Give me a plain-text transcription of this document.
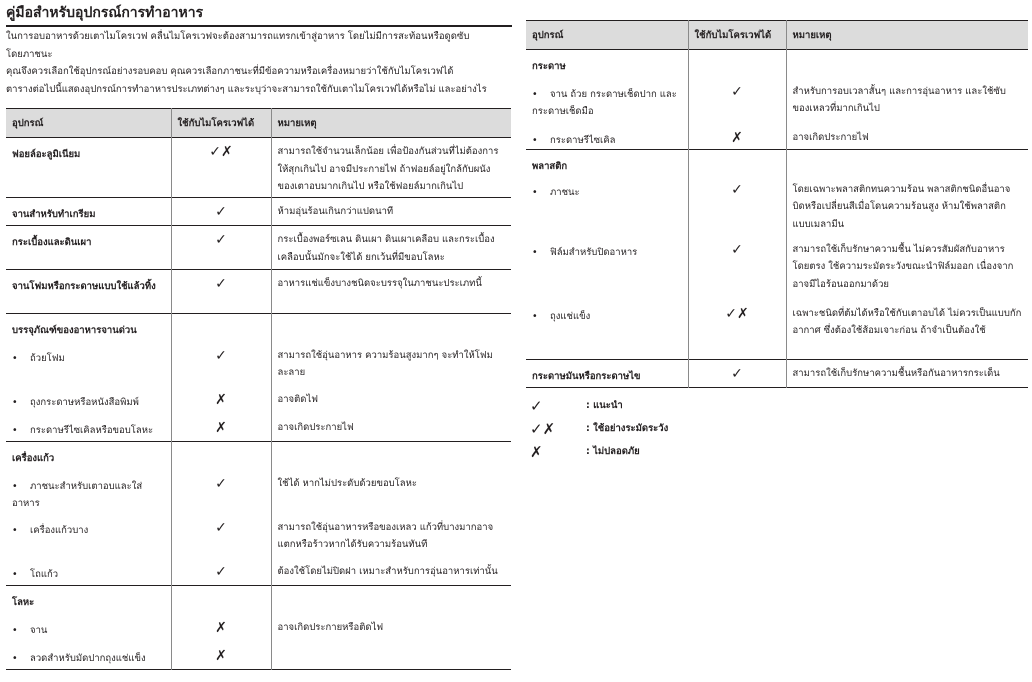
คู่มือสำหรับอุปกรณ์การทำอาหาร
ในการอบอาหารด้วยเตาไมโครเวฟ คลื่นไมโครเวฟจะต้องสามารถแทรกเข้าสู่อาหาร โดยไม่มีการสะท้อนหรือดูดซับ
โดยภาชนะ
คุณจึงควรเลือกใช้อุปกรณ์อย่างรอบคอบ คุณควรเลือกภาชนะที่มีข้อความหรือเครื่องหมายว่าใช้กับไมโครเวฟได้
ตารางต่อไปนี้แสดงอุปกรณ์การทำอาหารประเภทต่างๆ และระบุว่าจะสามารถใช้กับเตาไมโครเวฟได้หรือไม่ และอย่างไร
อุปกรณ์	ใช้กับไมโครเวฟได้	หมายเหตุ
ฟอยล์อะลูมิเนียม	✓✗	สามารถใช้จำนวนเล็กน้อย เพื่อป้องกันส่วนที่ไม่ต้องการให้สุกเกินไป อาจมีประกายไฟ ถ้าฟอยล์อยู่ใกล้กับผนังของเตาอบมากเกินไป หรือใช้ฟอยล์มากเกินไป
จานสำหรับทำเกรียม	✓	ห้ามอุ่นร้อนเกินกว่าแปดนาที
กระเบื้องและดินเผา	✓	กระเบื้องพอร์ซเลน ดินเผา ดินเผาเคลือบ และกระเบื้องเคลือบนั้นมักจะใช้ได้ ยกเว้นที่มีขอบโลหะ
จานโฟมหรือกระดาษแบบใช้แล้วทิ้ง	✓	อาหารแช่แข็งบางชนิดจะบรรจุในภาชนะประเภทนี้
บรรจุภัณฑ์ของอาหารจานด่วน		
• ถ้วยโฟม	✓	สามารถใช้อุ่นอาหาร ความร้อนสูงมากๆ จะทำให้โฟมละลาย
• ถุงกระดาษหรือหนังสือพิมพ์	✗	อาจติดไฟ
• กระดาษรีไซเคิลหรือขอบโลหะ	✗	อาจเกิดประกายไฟ
เครื่องแก้ว		
• ภาชนะสำหรับเตาอบและใส่อาหาร	✓	ใช้ได้ หากไม่ประดับด้วยขอบโลหะ
• เครื่องแก้วบาง	✓	สามารถใช้อุ่นอาหารหรือของเหลว แก้วที่บางมากอาจแตกหรือร้าวหากได้รับความร้อนทันที
• โถแก้ว	✓	ต้องใช้โดยไม่ปิดฝา เหมาะสำหรับการอุ่นอาหารเท่านั้น
โลหะ		
• จาน	✗	อาจเกิดประกายหรือติดไฟ
• ลวดสำหรับมัดปากถุงแช่แข็ง	✗	
อุปกรณ์	ใช้กับไมโครเวฟได้	หมายเหตุ
กระดาษ		
• จาน ถ้วย กระดาษเช็ดปาก และกระดาษเช็ดมือ	✓	สำหรับการอบเวลาสั้นๆ และการอุ่นอาหาร และใช้ซับของเหลวที่มากเกินไป
• กระดาษรีไซเคิล	✗	อาจเกิดประกายไฟ
พลาสติก		
• ภาชนะ	✓	โดยเฉพาะพลาสติกทนความร้อน พลาสติกชนิดอื่นอาจบิดหรือเปลี่ยนสีเมื่อโดนความร้อนสูง ห้ามใช้พลาสติกแบบเมลามีน
• ฟิล์มสำหรับปิดอาหาร	✓	สามารถใช้เก็บรักษาความชื้น ไม่ควรสัมผัสกับอาหารโดยตรง ใช้ความระมัดระวังขณะนำฟิล์มออก เนื่องจากอาจมีไอร้อนออกมาด้วย
• ถุงแช่แข็ง	✓✗	เฉพาะชนิดที่ต้มได้หรือใช้กับเตาอบได้ ไม่ควรเป็นแบบกักอากาศ ซึ่งต้องใช้ส้อมเจาะก่อน ถ้าจำเป็นต้องใช้
กระดาษมันหรือกระดาษไข	✓	สามารถใช้เก็บรักษาความชื้นหรือกันอาหารกระเด็น
✓	: แนะนำ
✓✗	: ใช้อย่างระมัดระวัง
✗	: ไม่ปลอดภัย
